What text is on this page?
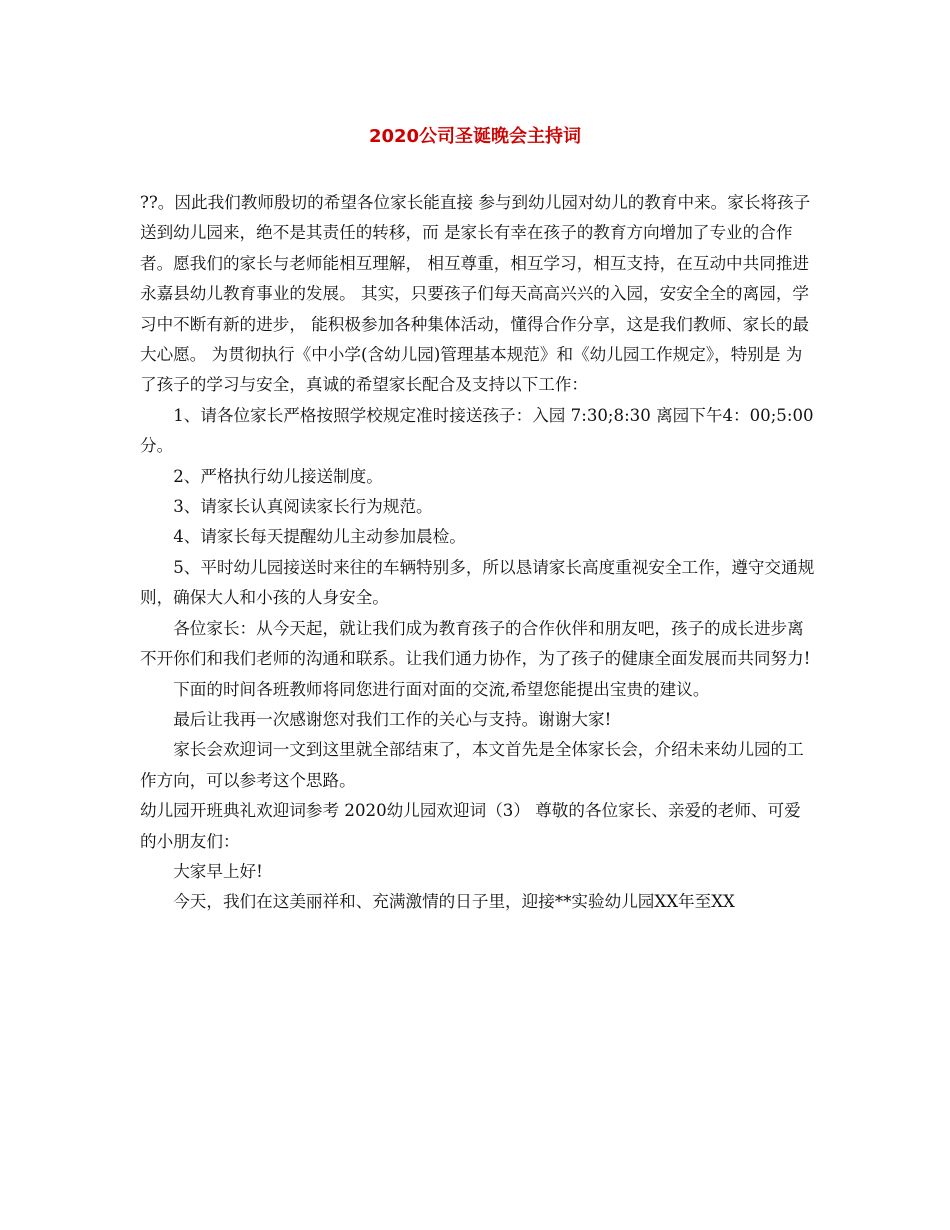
2020公司圣诞晚会主持词

??。因此我们教师殷切的希望各位家长能直接 参与到幼儿园对幼儿的教育中来。家长将孩子送到幼儿园来，绝不是其责任的转移，而 是家长有幸在孩子的教育方向增加了专业的合作者。愿我们的家长与老师能相互理解， 相互尊重，相互学习，相互支持，在互动中共同推进永嘉县幼儿教育事业的发展。 其实，只要孩子们每天高高兴兴的入园，安安全全的离园，学习中不断有新的进步， 能积极参加各种集体活动，懂得合作分享，这是我们教师、家长的最大心愿。 为贯彻执行《中小学(含幼儿园)管理基本规范》和《幼儿园工作规定》，特别是 为了孩子的学习与安全，真诚的希望家长配合及支持以下工作：

1、请各位家长严格按照学校规定准时接送孩子：入园 7:30;8:30 离园下午4：00;5:00 分。

2、严格执行幼儿接送制度。

3、请家长认真阅读家长行为规范。

4、请家长每天提醒幼儿主动参加晨检。

5、平时幼儿园接送时来往的车辆特别多，所以恳请家长高度重视安全工作，遵守交通规则，确保大人和小孩的人身安全。

各位家长：从今天起，就让我们成为教育孩子的合作伙伴和朋友吧，孩子的成长进步离不开你们和我们老师的沟通和联系。让我们通力协作，为了孩子的健康全面发展而共同努力!

下面的时间各班教师将同您进行面对面的交流,希望您能提出宝贵的建议。

最后让我再一次感谢您对我们工作的关心与支持。谢谢大家!

家长会欢迎词一文到这里就全部结束了，本文首先是全体家长会，介绍未来幼儿园的工作方向，可以参考这个思路。

幼儿园开班典礼欢迎词参考 2020幼儿园欢迎词（3） 尊敬的各位家长、亲爱的老师、可爱的小朋友们：

大家早上好!

今天，我们在这美丽祥和、充满激情的日子里，迎接**实验幼儿园XX年至XX
